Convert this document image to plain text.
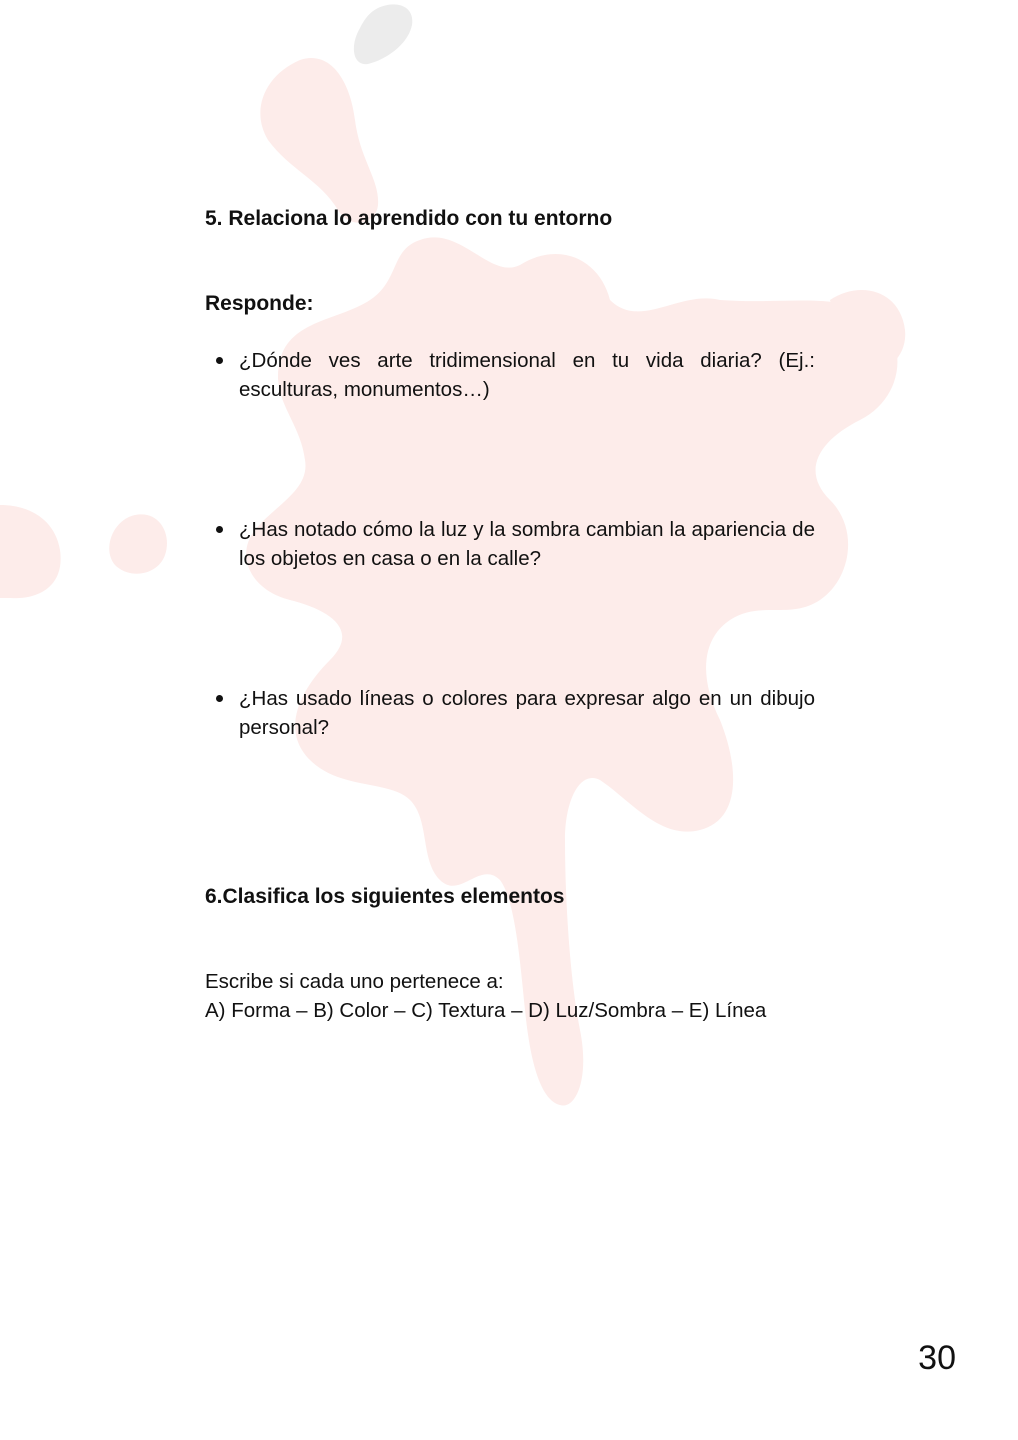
5. Relaciona lo aprendido con tu entorno
Responde:
¿Dónde ves arte tridimensional en tu vida diaria? (Ej.: esculturas, monumentos…)
¿Has notado cómo la luz y la sombra cambian la apariencia de los objetos en casa o en la calle?
¿Has usado líneas o colores para expresar algo en un dibujo personal?
6.Clasifica los siguientes elementos
Escribe si cada uno pertenece a:
A) Forma – B) Color – C) Textura – D) Luz/Sombra – E) Línea
30
